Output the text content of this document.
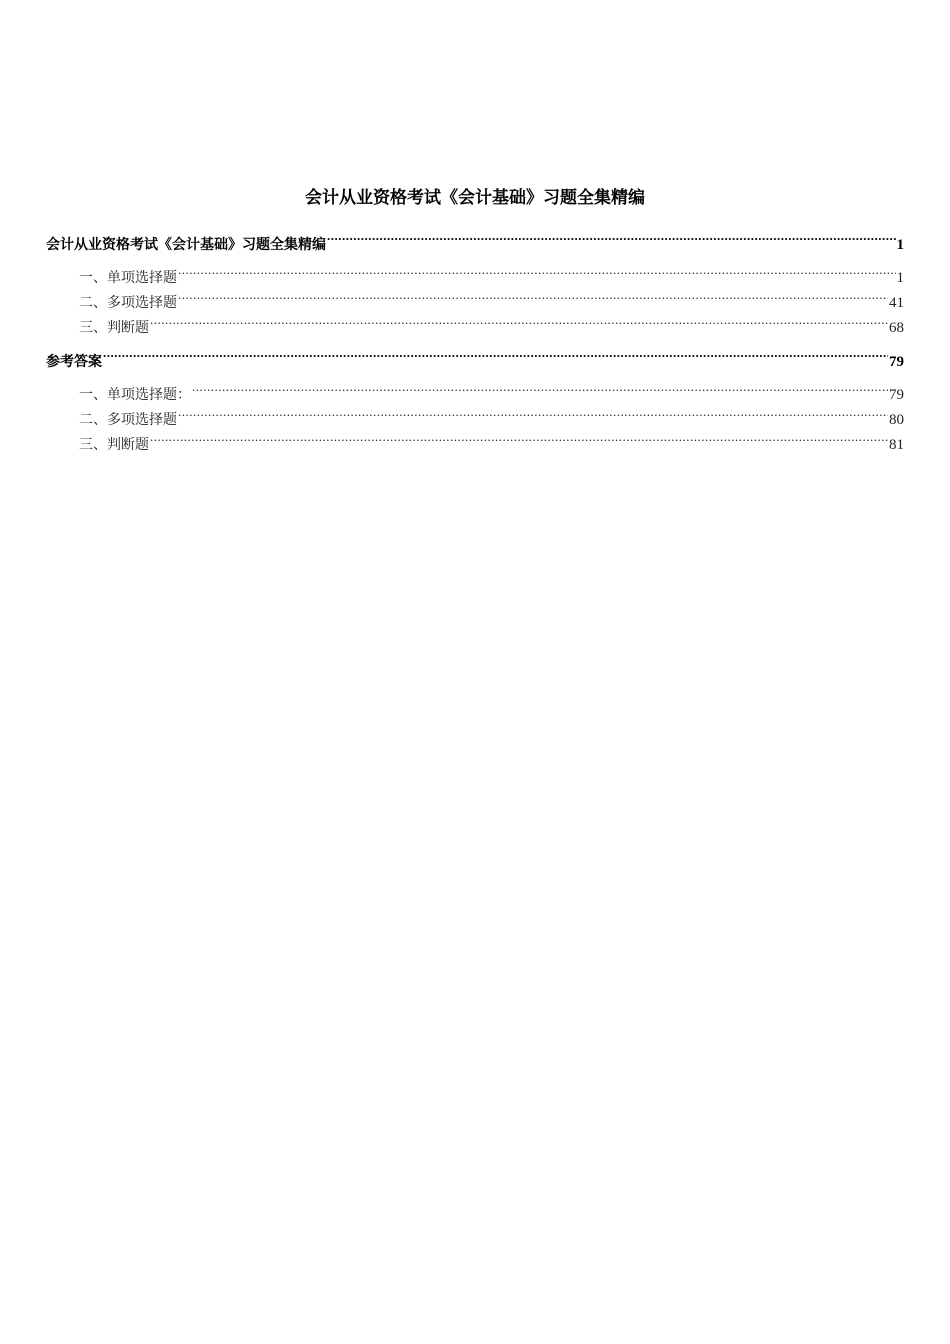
会计从业资格考试《会计基础》习题全集精编
会计从业资格考试《会计基础》习题全集精编 .....	1
一、单项选择题 .....	1
二、多项选择题 .....	41
三、判断题 .....	68
参考答案 .....	79
一、单项选择题： .....	79
二、多项选择题 .....	80
三、判断题 .....	81
